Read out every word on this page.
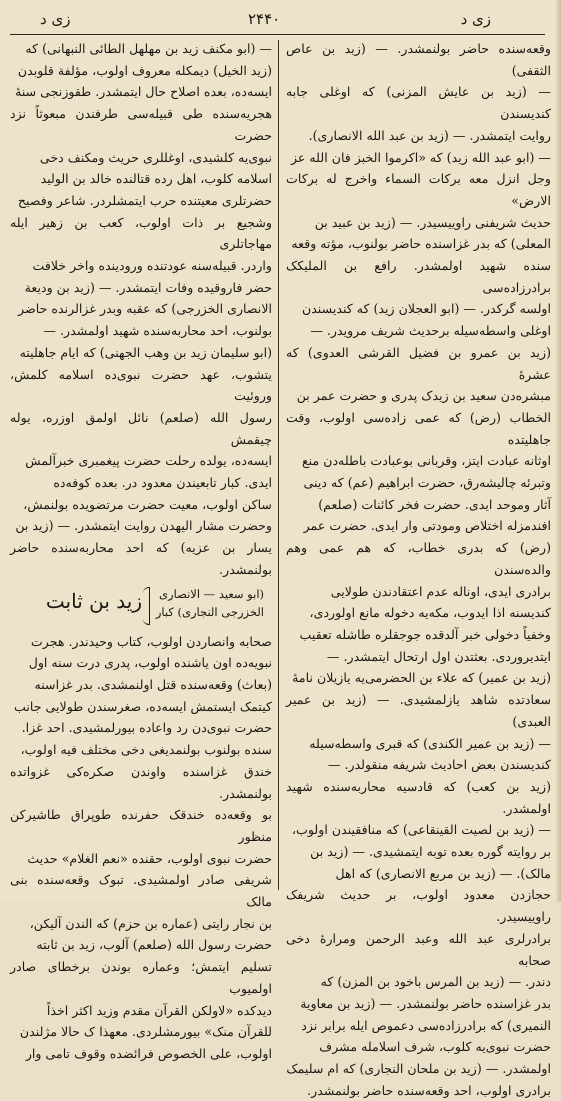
زی د	۲۴۴۰	زی د

وقعه‌سنده حاضر بولنمشدر. — (زید بن عاص الثقفی)

— (زید بن عایش المزنی) که اوغلی جابه کندیسندن

روایت ایتمشدر. — (زید بن عبد الله الانصاری).

— (ابو عبد الله زید) که «اکرموا الخبز فان الله عز

وجل انزل معه برکات السماء واخرج له برکات الارض»

حدیث شریفنی راوییسیدر. — (زید بن عبید بن

المعلی) که بدر غزاسنده حاضر بولنوب، مؤته وقعه‌

سنده شهید اولمشدر. رافع بن الملیکک برادرزاده‌سی

اولسه گرکدر. — (ابو العجلان زید) که کندیسندن

اوغلی واسطه‌سیله برحدیث شریف مرویدر. —

(زید بن عمرو بن فضیل القرشی العدوی) که عشرهٔ

مبشره‌دن سعید بن زیدک پدری و حضرت عمر بن

الخطاب (رض) که عمی زاده‌سی اولوب، وقت جاهلیتده

اوثانه عبادت ایتز، وقربانی بوعبادت باطله‌دن منع

وتبرئه چالیشه‌رق، حضرت ابراهیم (عم) که دینی

آثار وموحد ایدی. حضرت فخر کائنات (صلعم)

افندمزله اختلاص ومودتی وار ایدی. حضرت عمر

(رض) که بدری خطاب، که هم عمی وهم والده‌سندن

برادری ایدی، اوناله عدم اعتقادندن طولایی

کندیسنه اذا ایدوب، مکه‌یه دخوله مانع اولوردی،

وخفیاً دخولی خبر آلدقده جوجقلره طاشله تعقیب

ایتدیروردی. بعثتدن اول ارتحال ایتمشدر. —

(زید بن عمیر) که علاء بن الحضرمی‌یه یازیلان نامهٔ

سعادتده شاهد یازلمشیدی. — (زید بن عمیر العبدی)

— (زید بن عمیر الکندی) که قبری واسطه‌سیله

کندیسندن بعض احادیث شریفه منقولدر. —

(زید بن کعب) که قادسیه محاربه‌سنده شهید اولمشدر.

— (زید بن لصیت القینقاعی) که منافقیندن اولوب،

بر روایته گوره بعده توبه ایتمشیدی. — (زید بن

مالک). — (زید بن مربع الانصاری) که اهل

حجازدن معدود اولوب، بر حدیث شریفک راوییسیدر.

برادرلری عبد الله وعبد الرحمن ومرارهٔ دخی صحابه‌

دندر. — (زید بن المرس باخود بن المزن) که

بدر غزاسنده حاضر بولنمشدر. — (زید بن معاویة

النمیری) که برادرزاده‌سی دعموص ایله برابر نزد

حضرت نبوی‌یه کلوب، شرف اسلامله مشرف

اولمشدر. — (زید بن ملحان النجاری) که ام سلیمک

برادری اولوب، احد وقعه‌سنده حاضر بولنمشدر.

— (ابو مکنف زید بن مهلهل الطائی النبهانی) که

(زید الخیل) دیمکله معروف اولوب، مؤلفة قلوبدن

ایسه‌ده، بعده اصلاح حال ایتمشدر. طقوزنجی سنهٔ

هجریه‌سنده طی قبیله‌سی طرفندن مبعوثاً نزد حضرت

نبوی‌یه کلشیدی، اوغللری حریث ومکنف دخی

اسلامه کلوب، اهل رده قتالنده خالد بن الولید

حضرتلری معیتنده حرب ایتمشلردر. شاعر وفصیح

وشجیع بر ذات اولوب، کعب بن زهیر ایله مهاجاتلری

واردر. قبیله‌سنه عودتنده ورودینده واخر خلافت

حضر فاروقیده وفات ایتمشدر. — (زید بن ودیعة

الانصاری الخزرجی) که عقبه وبدر غزالرنده حاضر

بولنوب، احد محاربه‌سنده شهید اولمشدر. —

(ابو سلیمان زید بن وهب الجهنی) که ایام جاهلیته

یتشوب، عهد حضرت نبوی‌ده اسلامه کلمش، وروئیت

رسول الله (صلعم) نائل اولمق اوزره، یوله چیقمش

ایسه‌ده، یولده رحلت حضرت پیغمبری خبرآلمش

ایدی. کبار تابعیندن معدود در. بعده کوفه‌ده

ساکن اولوب، معیت حضرت مرتضویده بولنمش،

وحضرت مشار الیهدن روایت ایتمشدر. — (زید بن

یسار بن عزیه) که احد محاربه‌سنده حاضر بولنمشدر.

زید بن ثابت	(ابو سعید — الانصاری
الخزرجی النجاری) کبار

صحابه وانصاردن اولوب، کتاب وحیدندر. هجرت

نبویه‌ده اون یاشنده اولوب، پدری درت سنه اول

(بعاث) وقعه‌سنده قتل اولنمشدی. بدر غزاسنه

کیتمک ایستمش ایسه‌ده، صغرسندن طولایی جانب

حضرت نبوی‌دن رد واعاده بیورلمشیدی. احد غزا.

سنده بولنوب بولنمدیغی دخی مختلف فیه اولوب،

خندق غزاسنده واوندن صکره‌کی غزواتده بولنمشدر.

بو وقعه‌ده خندقک حفرنده طوپراق طاشیرکن منظور

حضرت نبوی اولوب، حقنده «نعم الغلام» حدیث

شریفی صادر اولمشیدی. تبوک وقعه‌سنده بنی مالک

بن نجار رایتی (عماره بن حزم) که الندن آلیکن،

حضرت رسول الله (صلعم) آلوب، زید بن ثابته

تسلیم ایتمش؛ وعماره بوندن برخطای صادر اولمیوب

دیدکده «لاولکن القرآن مقدم وزید اکثر اخذاً

للقرآن منک» بیورمشلردی. معهذا ک حالا مژلندن

اولوب، علی الخصوص فرائضده وقوف تامی وار
